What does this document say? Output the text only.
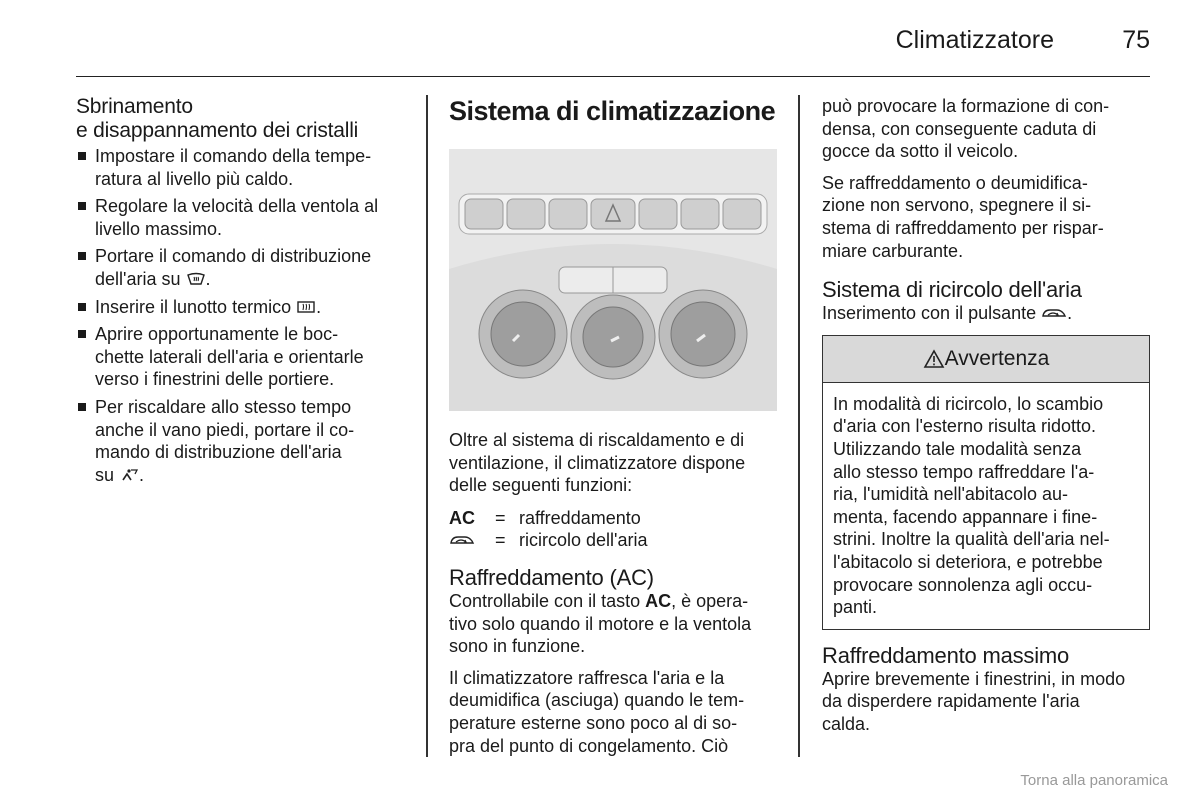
Climatizzatore	75
Sbrinamento
e disappannamento dei cristalli
Impostare il comando della tempe-
ratura al livello più caldo.
Regolare la velocità della ventola al
livello massimo.
Portare il comando di distribuzione
dell'aria su .
Inserire il lunotto termico .
Aprire opportunamente le boc-
chette laterali dell'aria e orientarle
verso i finestrini delle portiere.
Per riscaldare allo stesso tempo
anche il vano piedi, portare il co-
mando di distribuzione dell'aria
su .
Sistema di climatizzazione
Oltre al sistema di riscaldamento e di
ventilazione, il climatizzatore dispone
delle seguenti funzioni:
AC	= raffreddamento
= ricircolo dell'aria
Raffreddamento (AC)
Controllabile con il tasto AC, è opera-
tivo solo quando il motore e la ventola
sono in funzione.
Il climatizzatore raffresca l'aria e la
deumidifica (asciuga) quando le tem-
perature esterne sono poco al di so-
pra del punto di congelamento. Ciò
può provocare la formazione di con-
densa, con conseguente caduta di
gocce da sotto il veicolo.
Se raffreddamento o deumidifica-
zione non servono, spegnere il si-
stema di raffreddamento per rispar-
miare carburante.
Sistema di ricircolo dell'aria
Inserimento con il pulsante .
Avvertenza
In modalità di ricircolo, lo scambio
d'aria con l'esterno risulta ridotto.
Utilizzando tale modalità senza
allo stesso tempo raffreddare l'a-
ria, l'umidità nell'abitacolo au-
menta, facendo appannare i fine-
strini. Inoltre la qualità dell'aria nel-
l'abitacolo si deteriora, e potrebbe
provocare sonnolenza agli occu-
panti.
Raffreddamento massimo
Aprire brevemente i finestrini, in modo
da disperdere rapidamente l'aria
calda.
Torna alla panoramica
